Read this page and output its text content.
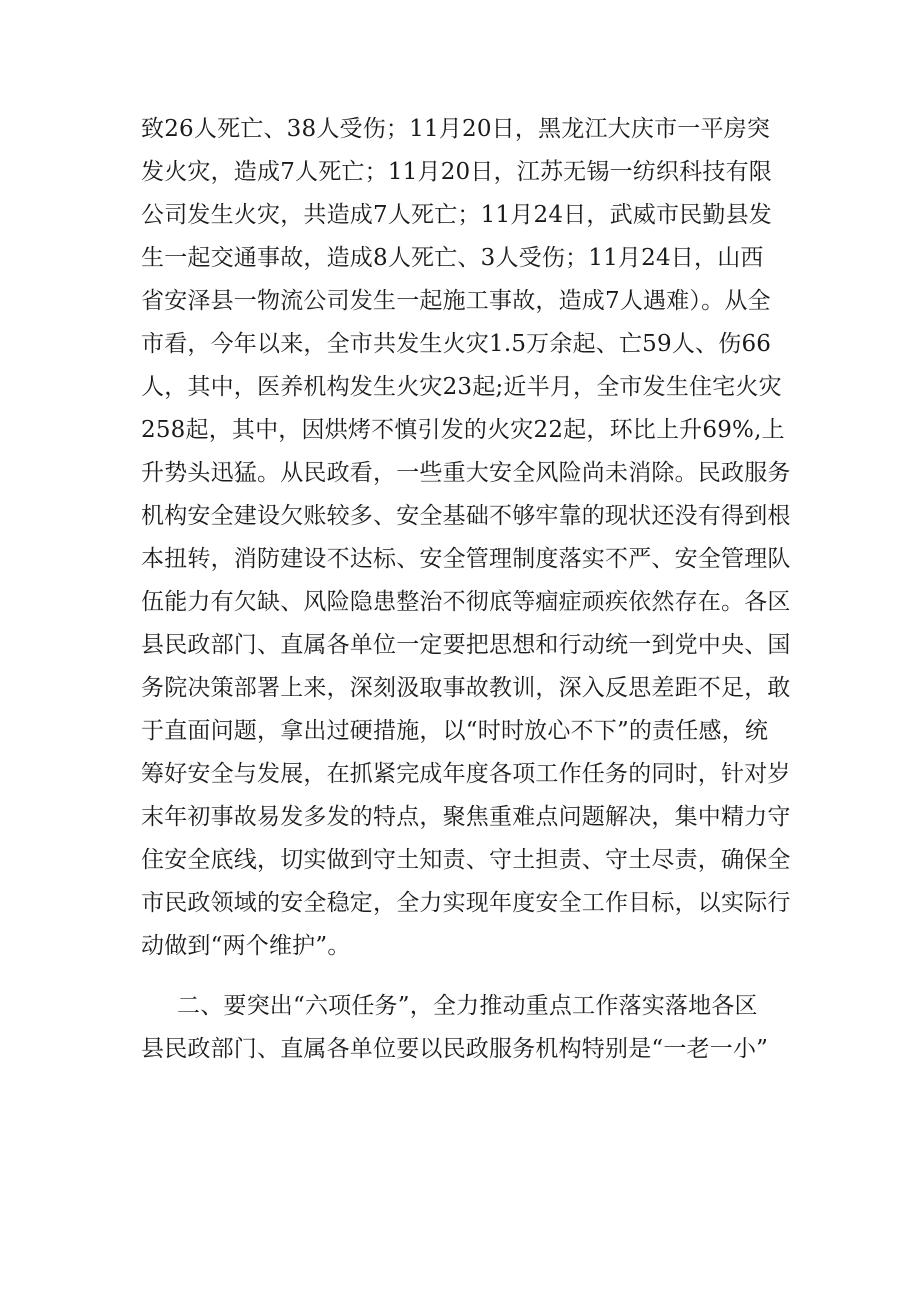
致26人死亡、38人受伤；11月20日，黑龙江大庆市一平房突
发火灾，造成7人死亡；11月20日，江苏无锡一纺织科技有限
公司发生火灾，共造成7人死亡；11月24日，武威市民勤县发
生一起交通事故，造成8人死亡、3人受伤；11月24日，山西
省安泽县一物流公司发生一起施工事故，造成7人遇难）。从全
市看，今年以来，全市共发生火灾1.5万余起、亡59人、伤66
人，其中，医养机构发生火灾23起;近半月，全市发生住宅火灾
258起，其中，因烘烤不慎引发的火灾22起，环比上升69%,上
升势头迅猛。从民政看，一些重大安全风险尚未消除。民政服务
机构安全建设欠账较多、安全基础不够牢靠的现状还没有得到根
本扭转，消防建设不达标、安全管理制度落实不严、安全管理队
伍能力有欠缺、风险隐患整治不彻底等痼症顽疾依然存在。各区
县民政部门、直属各单位一定要把思想和行动统一到党中央、国
务院决策部署上来，深刻汲取事故教训，深入反思差距不足，敢
于直面问题，拿出过硬措施，以“时时放心不下”的责任感，统
筹好安全与发展，在抓紧完成年度各项工作任务的同时，针对岁
末年初事故易发多发的特点，聚焦重难点问题解决，集中精力守
住安全底线，切实做到守土知责、守土担责、守土尽责，确保全
市民政领域的安全稳定，全力实现年度安全工作目标，以实际行
动做到“两个维护”。
二、要突出“六项任务”，全力推动重点工作落实落地各区
县民政部门、直属各单位要以民政服务机构特别是“一老一小”
